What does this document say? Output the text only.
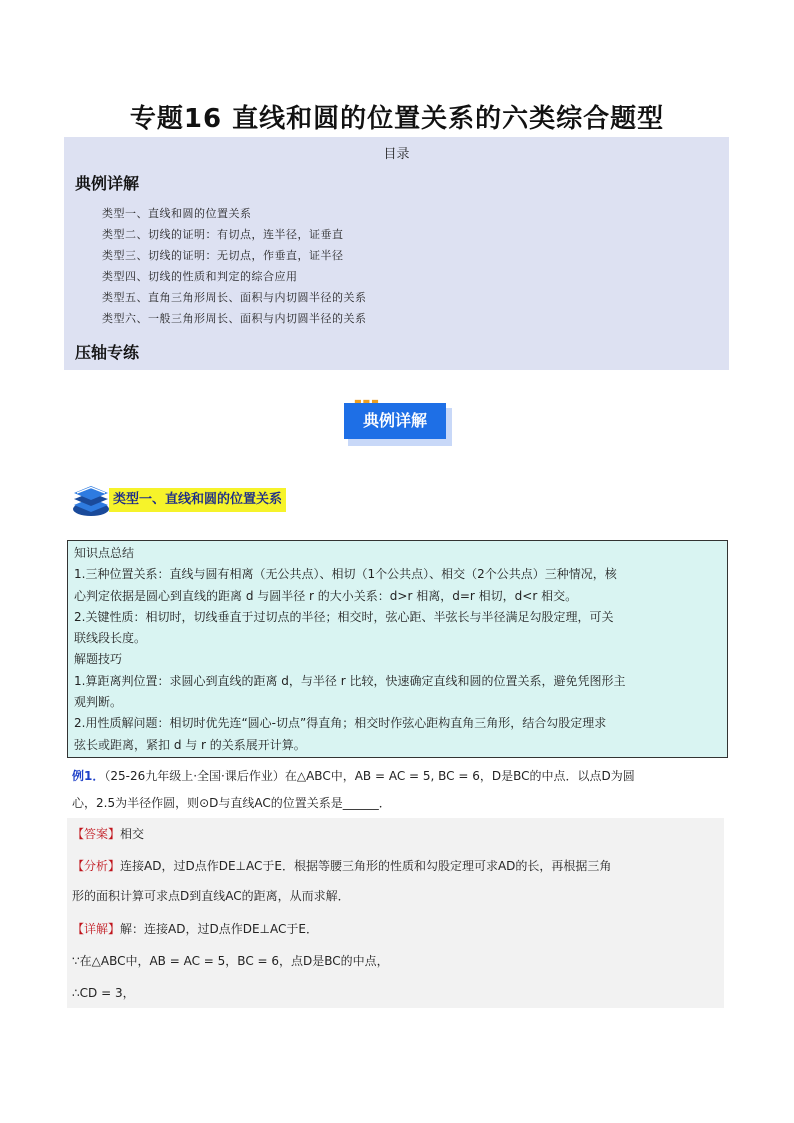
专题16 直线和圆的位置关系的六类综合题型
目录
典例详解
类型一、直线和圆的位置关系
类型二、切线的证明：有切点，连半径，证垂直
类型三、切线的证明：无切点，作垂直，证半径
类型四、切线的性质和判定的综合应用
类型五、直角三角形周长、面积与内切圆半径的关系
类型六、一般三角形周长、面积与内切圆半径的关系
压轴专练
典例详解
类型一、直线和圆的位置关系
知识点总结
1.三种位置关系：直线与圆有相离（无公共点）、相切（1个公共点）、相交（2个公共点）三种情况，核
心判定依据是圆心到直线的距离 d 与圆半径 r 的大小关系：d>r 相离，d=r 相切，d<r 相交。
2.关键性质：相切时，切线垂直于过切点的半径；相交时，弦心距、半弦长与半径满足勾股定理，可关
联线段长度。
解题技巧
1.算距离判位置：求圆心到直线的距离 d，与半径 r 比较，快速确定直线和圆的位置关系，避免凭图形主
观判断。
2.用性质解问题：相切时优先连“圆心-切点”得直角；相交时作弦心距构直角三角形，结合勾股定理求
弦长或距离，紧扣 d 与 r 的关系展开计算。
例1．（25-26九年级上·全国·课后作业）在△ABC中，AB = AC = 5, BC = 6，D是BC的中点．以点D为圆
心，2.5为半径作圆，则⊙D与直线AC的位置关系是______．
【答案】相交
【分析】连接AD，过D点作DE⊥AC于E．根据等腰三角形的性质和勾股定理可求AD的长，再根据三角
形的面积计算可求点D到直线AC的距离，从而求解．
【详解】解：连接AD，过D点作DE⊥AC于E．
∵在△ABC中，AB = AC = 5，BC = 6，点D是BC的中点，
∴CD = 3，
